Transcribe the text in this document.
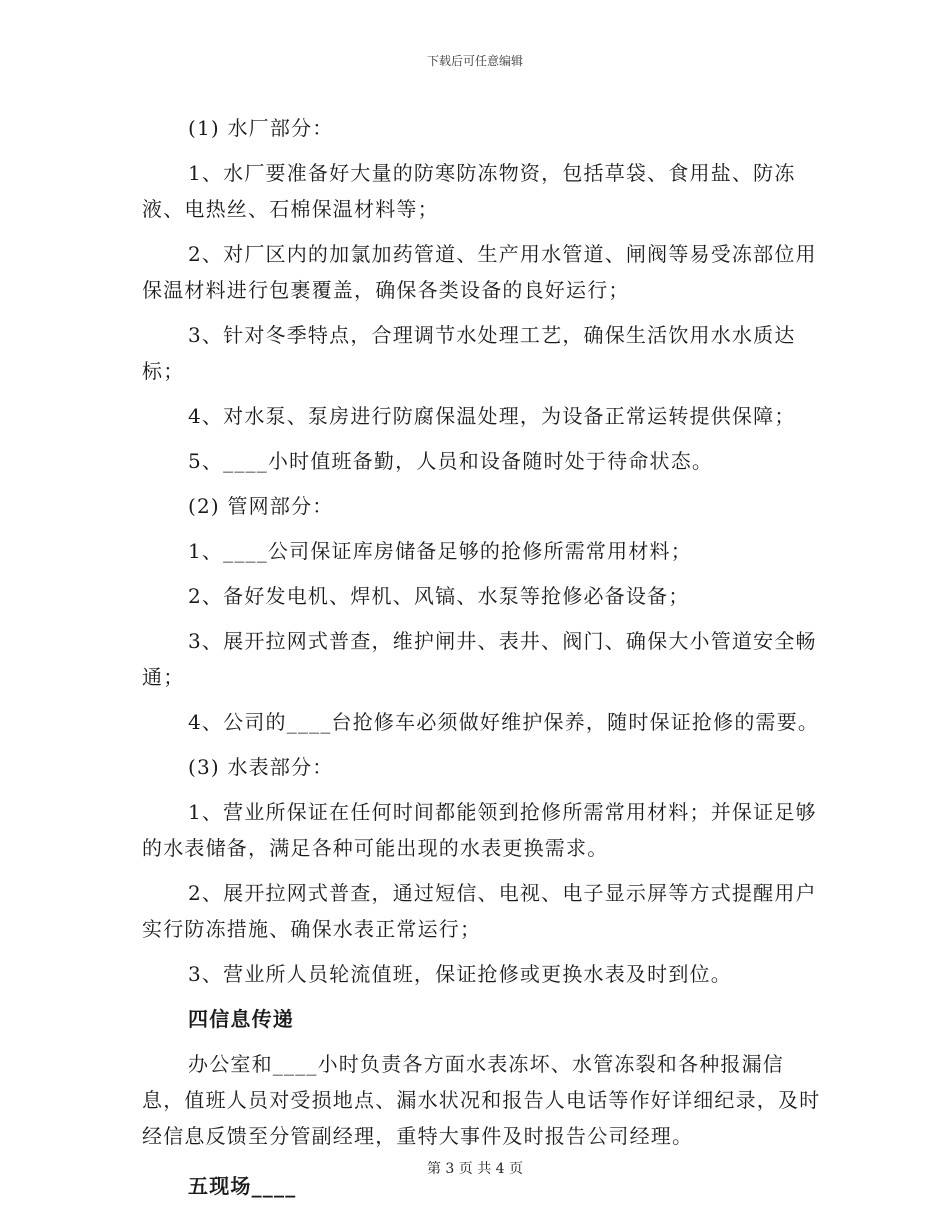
下载后可任意编辑

(1) 水厂部分：

1、水厂要准备好大量的防寒防冻物资，包括草袋、食用盐、防冻液、电热丝、石棉保温材料等；

2、对厂区内的加氯加药管道、生产用水管道、闸阀等易受冻部位用保温材料进行包裹覆盖，确保各类设备的良好运行；

3、针对冬季特点，合理调节水处理工艺，确保生活饮用水水质达标；

4、对水泵、泵房进行防腐保温处理，为设备正常运转提供保障；

5、____小时值班备勤，人员和设备随时处于待命状态。

(2) 管网部分：

1、____公司保证库房储备足够的抢修所需常用材料；

2、备好发电机、焊机、风镐、水泵等抢修必备设备；

3、展开拉网式普查，维护闸井、表井、阀门、确保大小管道安全畅通；

4、公司的____台抢修车必须做好维护保养，随时保证抢修的需要。

(3) 水表部分：

1、营业所保证在任何时间都能领到抢修所需常用材料；并保证足够的水表储备，满足各种可能出现的水表更换需求。

2、展开拉网式普查，通过短信、电视、电子显示屏等方式提醒用户实行防冻措施、确保水表正常运行；

3、营业所人员轮流值班，保证抢修或更换水表及时到位。

四信息传递

办公室和____小时负责各方面水表冻坏、水管冻裂和各种报漏信息，值班人员对受损地点、漏水状况和报告人电话等作好详细纪录，及时经信息反馈至分管副经理，重特大事件及时报告公司经理。

五现场____

第 3 页 共 4 页
